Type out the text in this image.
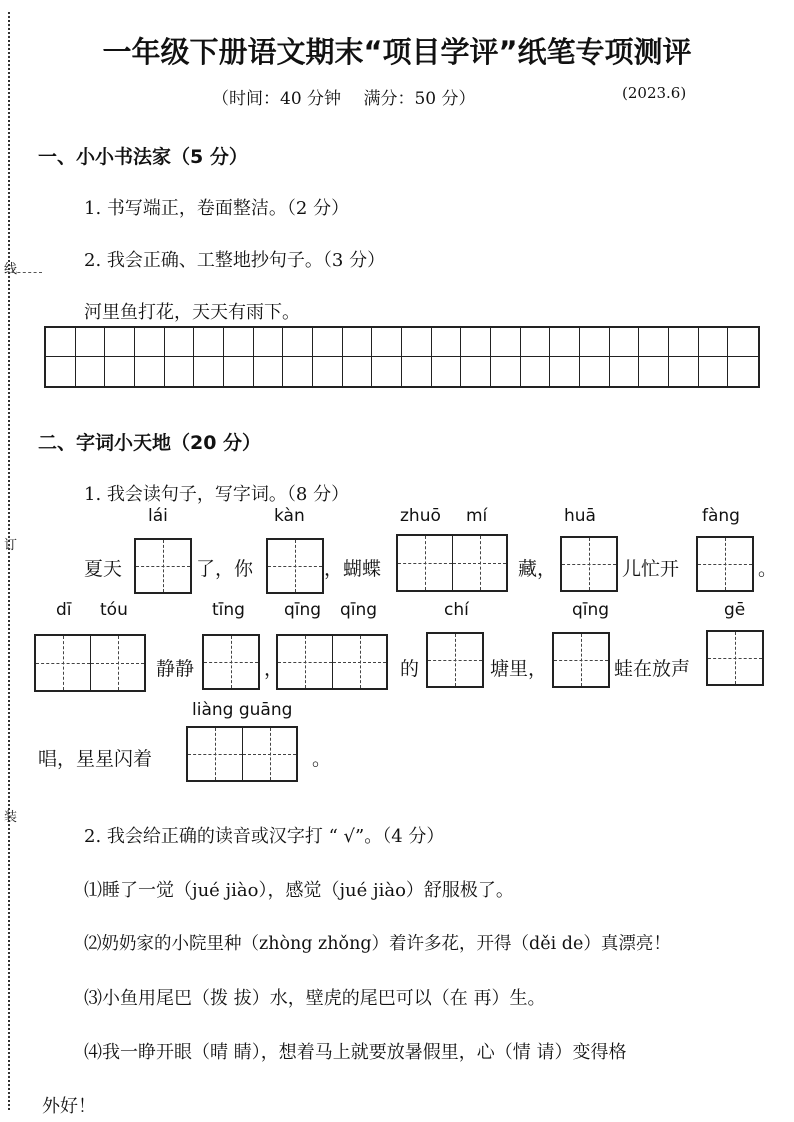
线
订
装
一年级下册语文期末“项目学评”纸笔专项测评
（时间：40 分钟　 满分：50 分）	(2023.6)
一、小小书法家（5 分）
1. 书写端正，卷面整洁。（2 分）
2. 我会正确、工整地抄句子。（3 分）
河里鱼打花，天天有雨下。
二、字词小天地（20 分）
1. 我会读句子，写字词。（8 分）
lái	kàn	zhuō mí	huā	fàng
夏天	了，你	，蝴蝶	藏，	儿忙开	。
dī tóu	tīng qīng qīng	chí	qīng	gē
静静	，	的	塘里，	蛙在放声
liàng guāng
唱，星星闪着	。
2. 我会给正确的读音或汉字打 “ √”。（4 分）
⑴睡了一觉（jué jiào），感觉（jué jiào）舒服极了。
⑵奶奶家的小院里种（zhòng zhǒng）着许多花，开得（děi de）真漂亮！
⑶小鱼用尾巴（拨 拔）水，壁虎的尾巴可以（在 再）生。
⑷我一睁开眼（晴 睛），想着马上就要放暑假里，心（情 请）变得格
外好！
